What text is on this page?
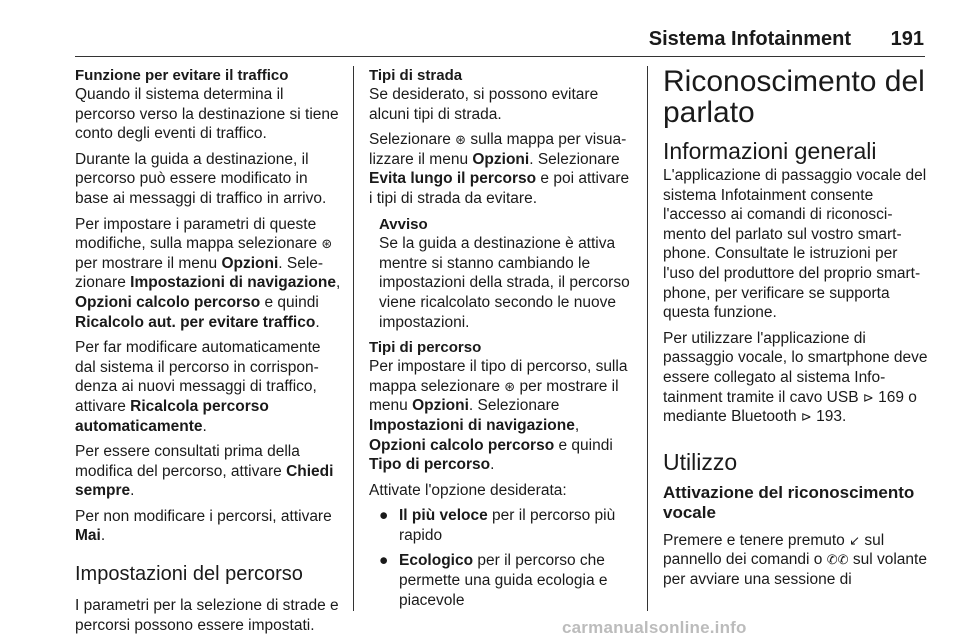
Sistema Infotainment 191
Funzione per evitare il traffico

Quando il sistema determina il percorso verso la destinazione si tiene conto degli eventi di traffico.

Durante la guida a destinazione, il percorso può essere modificato in base ai messaggi di traffico in arrivo.

Per impostare i parametri di queste modifiche, sulla mappa selezionare ⊛ per mostrare il menu Opzioni. Sele-zionare Impostazioni di navigazione, Opzioni calcolo percorso e quindi Ricalcolo aut. per evitare traffico.

Per far modificare automaticamente dal sistema il percorso in corrispon-denza ai nuovi messaggi di traffico, attivare Ricalcola percorso automaticamente.

Per essere consultati prima della modifica del percorso, attivare Chiedi sempre.

Per non modificare i percorsi, attivare Mai.

Impostazioni del percorso

I parametri per la selezione di strade e percorsi possono essere impostati.

Tipi di strada

Se desiderato, si possono evitare alcuni tipi di strada.

Selezionare ⊛ sulla mappa per visua-lizzare il menu Opzioni. Selezionare Evita lungo il percorso e poi attivare i tipi di strada da evitare.

Avviso
Se la guida a destinazione è attiva mentre si stanno cambiando le impostazioni della strada, il percorso viene ricalcolato secondo le nuove impostazioni.
Tipi di percorso

Per impostare il tipo di percorso, sulla mappa selezionare ⊛ per mostrare il menu Opzioni. Selezionare Impostazioni di navigazione, Opzioni calcolo percorso e quindi Tipo di percorso.

Attivate l'opzione desiderata:

● Il più veloce per il percorso più rapido
● Ecologico per il percorso che permette una guida ecologia e piacevole
Riconoscimento del parlato
Informazioni generali

L'applicazione di passaggio vocale del sistema Infotainment consente l'accesso ai comandi di riconosci-mento del parlato sul vostro smart-phone. Consultate le istruzioni per l'uso del produttore del proprio smart-phone, per verificare se supporta questa funzione.

Per utilizzare l'applicazione di passaggio vocale, lo smartphone deve essere collegato al sistema Info-tainment tramite il cavo USB ⊳ 169 o mediante Bluetooth ⊳ 193.

Utilizzo
Attivazione del riconoscimento vocale

Premere e tenere premuto ↙ sul pannello dei comandi o ✆✆ sul volante per avviare una sessione di

carmanualsonline.info
